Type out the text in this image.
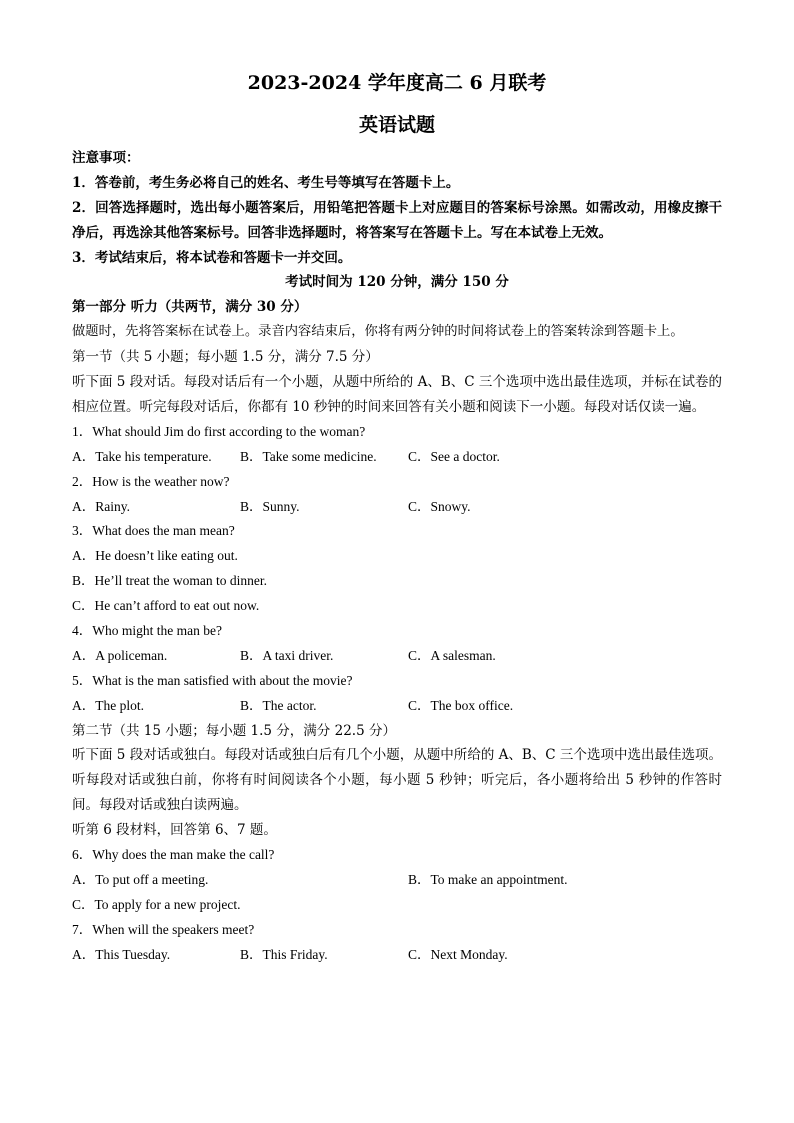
2023-2024 学年度高二 6 月联考
英语试题
注意事项：
1．答卷前，考生务必将自己的姓名、考生号等填写在答题卡上。
2．回答选择题时，选出每小题答案后，用铅笔把答题卡上对应题目的答案标号涂黑。如需改动，用橡皮擦干净后，再选涂其他答案标号。回答非选择题时，将答案写在答题卡上。写在本试卷上无效。
3．考试结束后，将本试卷和答题卡一并交回。
考试时间为 120 分钟，满分 150 分
第一部分 听力（共两节，满分 30 分）
做题时，先将答案标在试卷上。录音内容结束后，你将有两分钟的时间将试卷上的答案转涂到答题卡上。
第一节（共 5 小题；每小题 1.5 分，满分 7.5 分）
听下面 5 段对话。每段对话后有一个小题，从题中所给的 A、B、C 三个选项中选出最佳选项，并标在试卷的相应位置。听完每段对话后，你都有 10 秒钟的时间来回答有关小题和阅读下一小题。每段对话仅读一遍。
1．What should Jim do first according to the woman?
A．Take his temperature.	B．Take some medicine.	C．See a doctor.
2．How is the weather now?
A．Rainy.	B．Sunny.	C．Snowy.
3．What does the man mean?
A．He doesn’t like eating out.
B．He’ll treat the woman to dinner.
C．He can’t afford to eat out now.
4．Who might the man be?
A．A policeman.	B．A taxi driver.	C．A salesman.
5．What is the man satisfied with about the movie?
A．The plot.	B．The actor.	C．The box office.
第二节（共 15 小题；每小题 1.5 分，满分 22.5 分）
听下面 5 段对话或独白。每段对话或独白后有几个小题，从题中所给的 A、B、C 三个选项中选出最佳选项。听每段对话或独白前，你将有时间阅读各个小题，每小题 5 秒钟；听完后，各小题将给出 5 秒钟的作答时间。每段对话或独白读两遍。
听第 6 段材料，回答第 6、7 题。
6．Why does the man make the call?
A．To put off a meeting.	B．To make an appointment.
C．To apply for a new project.
7．When will the speakers meet?
A．This Tuesday.	B．This Friday.	C．Next Monday.
